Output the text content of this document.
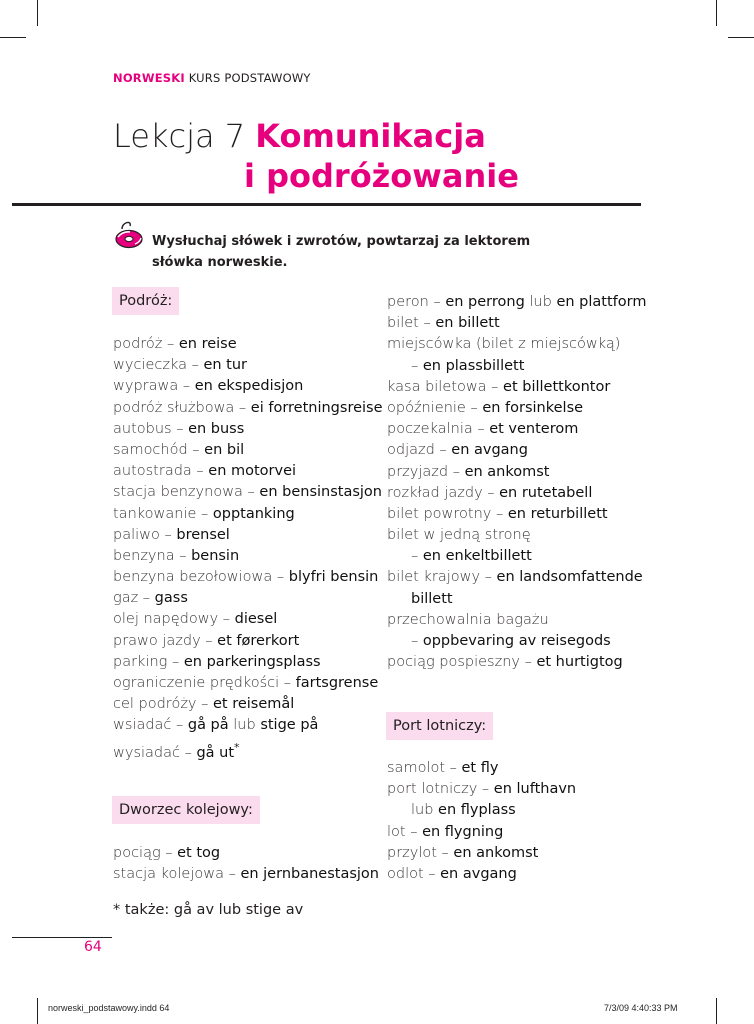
NORWESKI KURS PODSTAWOWY
Lekcja 7 Komunikacja
i podróżowanie
Wysłuchaj słówek i zwrotów, powtarzaj za lektorem
słówka norweskie.
Podróż:
podróż – en reise
wycieczka – en tur
wyprawa – en ekspedisjon
podróż służbowa – ei forretningsreise
autobus – en buss
samochód – en bil
autostrada – en motorvei
stacja benzynowa – en bensinstasjon
tankowanie – opptanking
paliwo – brensel
benzyna – bensin
benzyna bezołowiowa – blyfri bensin
gaz – gass
olej napędowy – diesel
prawo jazdy – et førerkort
parking – en parkeringsplass
ograniczenie prędkości – fartsgrense
cel podróży – et reisemål
wsiadać – gå på lub stige på
wysiadać – gå ut*
Dworzec kolejowy:
pociąg – et tog
stacja kolejowa – en jernbanestasjon
peron – en perrong lub en plattform
bilet – en billett
miejscówka (bilet z miejscówką)
– en plassbillett
kasa biletowa – et billettkontor
opóźnienie – en forsinkelse
poczekalnia – et venterom
odjazd – en avgang
przyjazd – en ankomst
rozkład jazdy – en rutetabell
bilet powrotny – en returbillett
bilet w jedną stronę
– en enkeltbillett
bilet krajowy – en landsomfattende
billett
przechowalnia bagażu
– oppbevaring av reisegods
pociąg pospieszny – et hurtigtog
Port lotniczy:
samolot – et fly
port lotniczy – en lufthavn
lub en flyplass
lot – en flygning
przylot – en ankomst
odlot – en avgang
* także: gå av lub stige av
64
norweski_podstawowy.indd 64	7/3/09 4:40:33 PM
